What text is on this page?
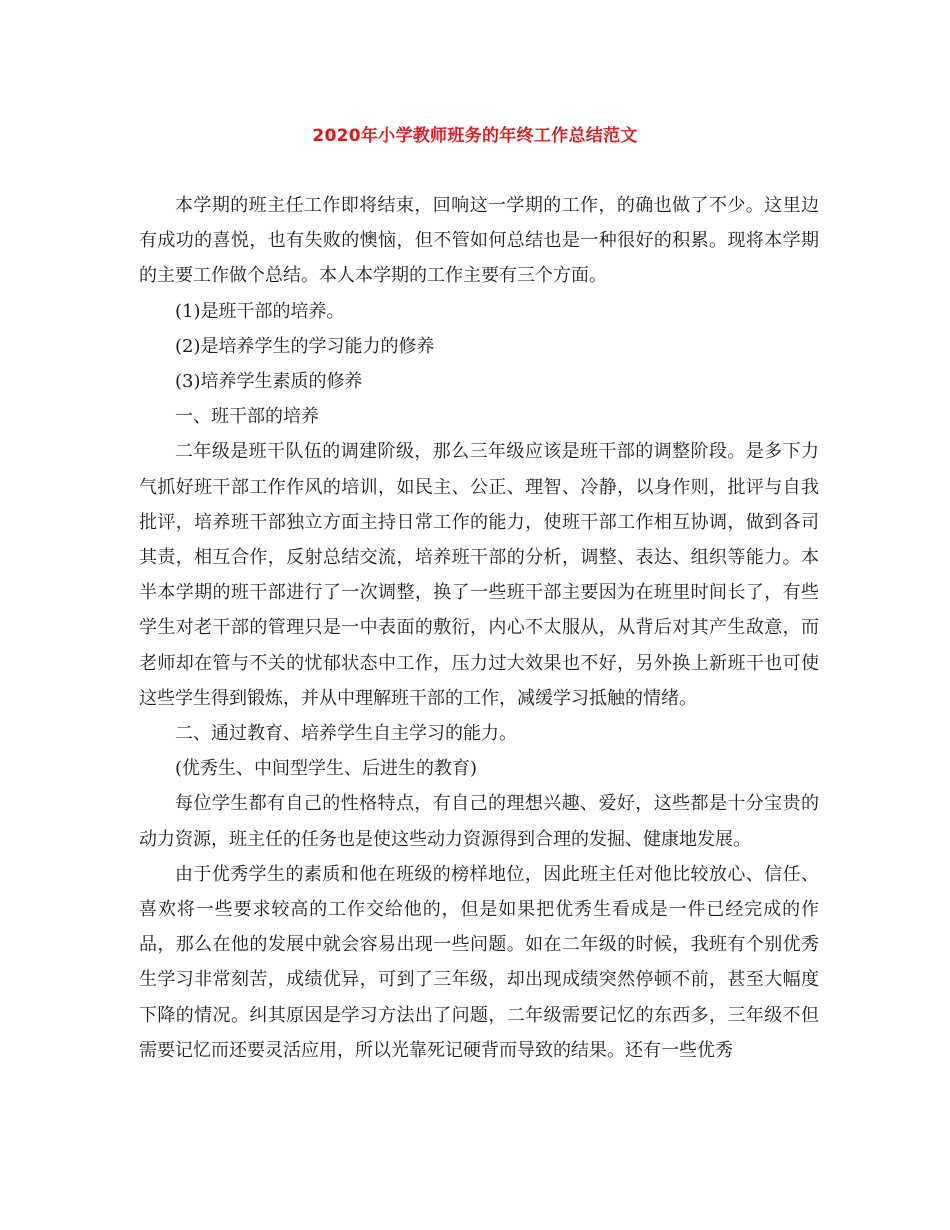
2020年小学教师班务的年终工作总结范文

本学期的班主任工作即将结束，回响这一学期的工作，的确也做了不少。这里边有成功的喜悦，也有失败的懊恼，但不管如何总结也是一种很好的积累。现将本学期的主要工作做个总结。本人本学期的工作主要有三个方面。

(1)是班干部的培养。

(2)是培养学生的学习能力的修养

(3)培养学生素质的修养

一、班干部的培养

二年级是班干队伍的调建阶级，那么三年级应该是班干部的调整阶段。是多下力气抓好班干部工作作风的培训，如民主、公正、理智、冷静，以身作则，批评与自我批评，培养班干部独立方面主持日常工作的能力，使班干部工作相互协调，做到各司其责，相互合作，反射总结交流，培养班干部的分析，调整、表达、组织等能力。本半本学期的班干部进行了一次调整，换了一些班干部主要因为在班里时间长了，有些学生对老干部的管理只是一中表面的敷衍，内心不太服从，从背后对其产生敌意，而老师却在管与不关的忧郁状态中工作，压力过大效果也不好，另外换上新班干也可使这些学生得到锻炼，并从中理解班干部的工作，减缓学习抵触的情绪。

二、通过教育、培养学生自主学习的能力。

(优秀生、中间型学生、后进生的教育)

每位学生都有自己的性格特点，有自己的理想兴趣、爱好，这些都是十分宝贵的动力资源，班主任的任务也是使这些动力资源得到合理的发掘、健康地发展。

由于优秀学生的素质和他在班级的榜样地位，因此班主任对他比较放心、信任、喜欢将一些要求较高的工作交给他的，但是如果把优秀生看成是一件已经完成的作品，那么在他的发展中就会容易出现一些问题。如在二年级的时候，我班有个别优秀生学习非常刻苦，成绩优异，可到了三年级，却出现成绩突然停顿不前，甚至大幅度下降的情况。纠其原因是学习方法出了问题，二年级需要记忆的东西多，三年级不但需要记忆而还要灵活应用，所以光靠死记硬背而导致的结果。还有一些优秀
